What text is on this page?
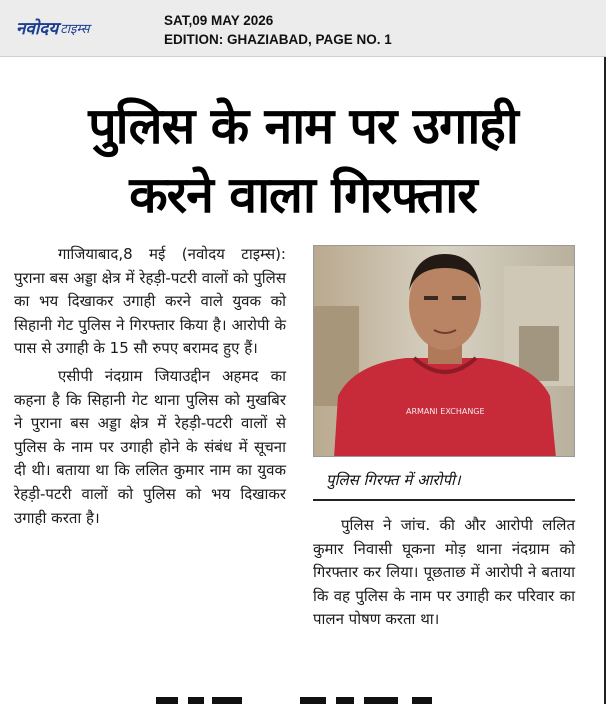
नवोदय टाइम्स
SAT,09 MAY 2026
EDITION: GHAZIABAD, PAGE NO. 1
पुलिस के नाम पर उगाही
करने वाला गिरफ्तार

गाजियाबाद,8 मई (नवोदय टाइम्स): पुराना बस अड्डा क्षेत्र में रेहड़ी-पटरी वालों को पुलिस का भय दिखाकर उगाही करने वाले युवक को सिहानी गेट पुलिस ने गिरफ्तार किया है। आरोपी के पास से उगाही के 15 सौ रुपए बरामद हुए हैं।

एसीपी नंदग्राम जियाउद्दीन अहमद का कहना है कि सिहानी गेट थाना पुलिस को मुखबिर ने पुराना बस अड्डा क्षेत्र में रेहड़ी-पटरी वालों से पुलिस के नाम पर उगाही होने के संबंध में सूचना दी थी। बताया था कि ललित कुमार नाम का युवक रेहड़ी-पटरी वालों को पुलिस को भय दिखाकर उगाही करता है।

ARMANI EXCHANGE
पुलिस गिरफ्त में आरोपी।

पुलिस ने जांच. की और आरोपी ललित कुमार निवासी घूकना मोड़ थाना नंदग्राम को गिरफ्तार कर लिया। पूछताछ में आरोपी ने बताया कि वह पुलिस के नाम पर उगाही कर परिवार का पालन पोषण करता था।
